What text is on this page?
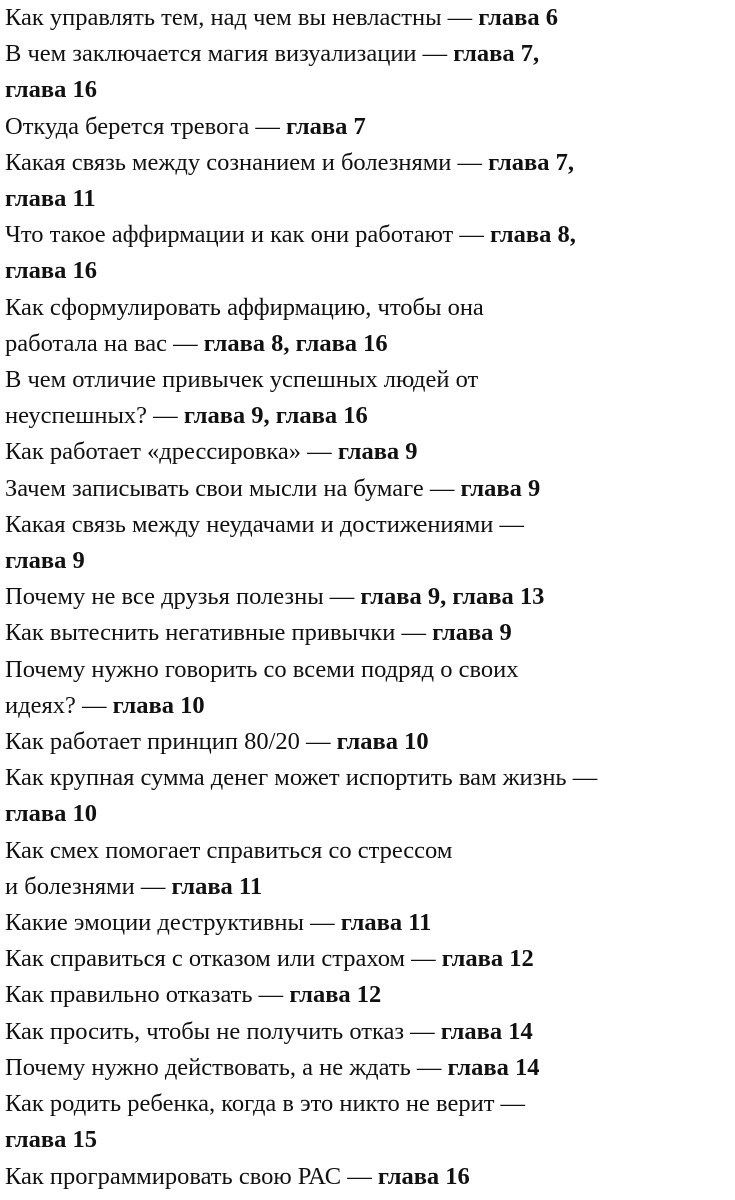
Как управлять тем, над чем вы невластны — глава 6
В чем заключается магия визуализации — глава 7,
глава 16
Откуда берется тревога — глава 7
Какая связь между сознанием и болезнями — глава 7,
глава 11
Что такое аффирмации и как они работают — глава 8,
глава 16
Как сформулировать аффирмацию, чтобы она
работала на вас — глава 8, глава 16
В чем отличие привычек успешных людей от
неуспешных? — глава 9, глава 16
Как работает «дрессировка» — глава 9
Зачем записывать свои мысли на бумаге — глава 9
Какая связь между неудачами и достижениями —
глава 9
Почему не все друзья полезны — глава 9, глава 13
Как вытеснить негативные привычки — глава 9
Почему нужно говорить со всеми подряд о своих
идеях? — глава 10
Как работает принцип 80/20 — глава 10
Как крупная сумма денег может испортить вам жизнь —
глава 10
Как смех помогает справиться со стрессом
и болезнями — глава 11
Какие эмоции деструктивны — глава 11
Как справиться с отказом или страхом — глава 12
Как правильно отказать — глава 12
Как просить, чтобы не получить отказ — глава 14
Почему нужно действовать, а не ждать — глава 14
Как родить ребенка, когда в это никто не верит —
глава 15
Как программировать свою РАС — глава 16
